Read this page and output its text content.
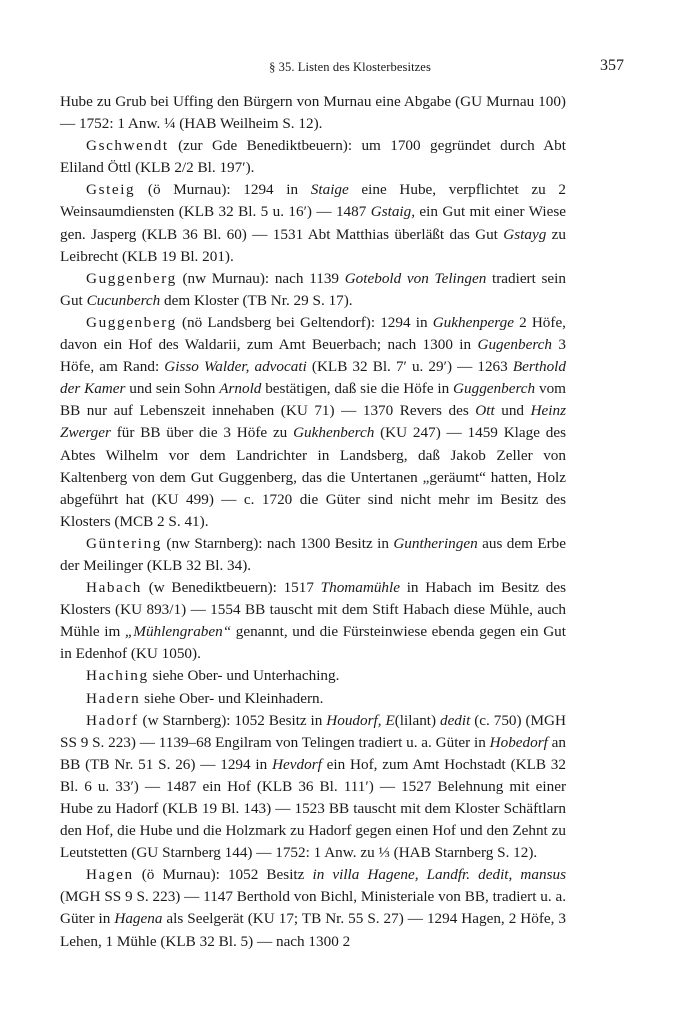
§ 35. Listen des Klosterbesitzes	357

Hube zu Grub bei Uffing den Bürgern von Murnau eine Abgabe (GU Murnau 100) — 1752: 1 Anw. ¼ (HAB Weilheim S. 12).

Gschwendt (zur Gde Benediktbeuern): um 1700 gegründet durch Abt Eliland Öttl (KLB 2/2 Bl. 197′).

Gsteig (ö Murnau): 1294 in Staige eine Hube, verpflichtet zu 2 Weinsaumdiensten (KLB 32 Bl. 5 u. 16′) — 1487 Gstaig, ein Gut mit einer Wiese gen. Jasperg (KLB 36 Bl. 60) — 1531 Abt Matthias überläßt das Gut Gstayg zu Leibrecht (KLB 19 Bl. 201).

Guggenberg (nw Murnau): nach 1139 Gotebold von Telingen tradiert sein Gut Cucunberch dem Kloster (TB Nr. 29 S. 17).

Guggenberg (nö Landsberg bei Geltendorf): 1294 in Gukhenperge 2 Höfe, davon ein Hof des Waldarii, zum Amt Beuerbach; nach 1300 in Gugenberch 3 Höfe, am Rand: Gisso Walder, advocati (KLB 32 Bl. 7′ u. 29′) — 1263 Berthold der Kamer und sein Sohn Arnold bestätigen, daß sie die Höfe in Guggenberch vom BB nur auf Lebenszeit innehaben (KU 71) — 1370 Revers des Ott und Heinz Zwerger für BB über die 3 Höfe zu Gukhenberch (KU 247) — 1459 Klage des Abtes Wilhelm vor dem Landrichter in Landsberg, daß Jakob Zeller von Kaltenberg von dem Gut Guggenberg, das die Untertanen „geräumt“ hatten, Holz abgeführt hat (KU 499) — c. 1720 die Güter sind nicht mehr im Besitz des Klosters (MCB 2 S. 41).

Güntering (nw Starnberg): nach 1300 Besitz in Guntheringen aus dem Erbe der Meilinger (KLB 32 Bl. 34).

Habach (w Benediktbeuern): 1517 Thomamühle in Habach im Besitz des Klosters (KU 893/1) — 1554 BB tauscht mit dem Stift Habach diese Mühle, auch Mühle im „Mühlengraben“ genannt, und die Fürsteinwiese ebenda gegen ein Gut in Edenhof (KU 1050).

Haching siehe Ober- und Unterhaching.

Hadern siehe Ober- und Kleinhadern.

Hadorf (w Starnberg): 1052 Besitz in Houdorf, E(lilant) dedit (c. 750) (MGH SS 9 S. 223) — 1139–68 Engilram von Telingen tradiert u. a. Güter in Hobedorf an BB (TB Nr. 51 S. 26) — 1294 in Hevdorf ein Hof, zum Amt Hochstadt (KLB 32 Bl. 6 u. 33′) — 1487 ein Hof (KLB 36 Bl. 111′) — 1527 Belehnung mit einer Hube zu Hadorf (KLB 19 Bl. 143) — 1523 BB tauscht mit dem Kloster Schäftlarn den Hof, die Hube und die Holzmark zu Hadorf gegen einen Hof und den Zehnt zu Leutstetten (GU Starnberg 144) — 1752: 1 Anw. zu ⅓ (HAB Starnberg S. 12).

Hagen (ö Murnau): 1052 Besitz in villa Hagene, Landfr. dedit, mansus (MGH SS 9 S. 223) — 1147 Berthold von Bichl, Ministeriale von BB, tradiert u. a. Güter in Hagena als Seelgerät (KU 17; TB Nr. 55 S. 27) — 1294 Hagen, 2 Höfe, 3 Lehen, 1 Mühle (KLB 32 Bl. 5) — nach 1300 2
